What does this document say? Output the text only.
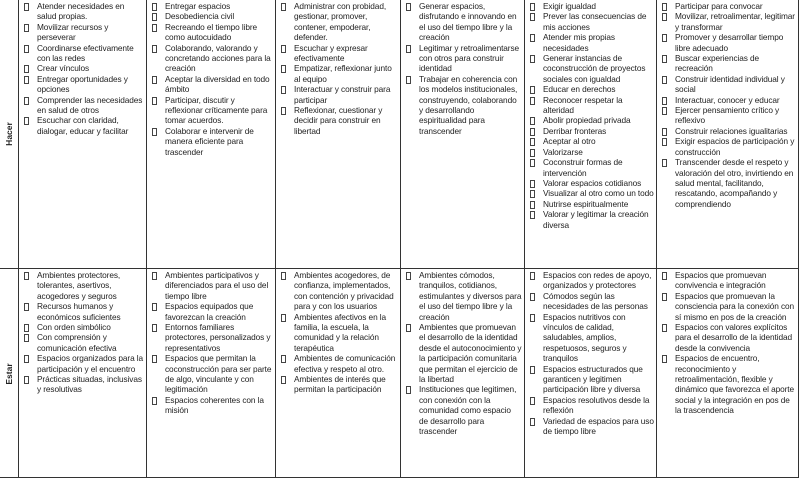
Hacer
Atender necesidades en salud propias.
Movilizar recursos y perseverar
Coordinarse efectivamente con las redes
Crear vínculos
Entregar oportunidades y opciones
Comprender las necesidades en salud de otros
Escuchar con claridad, dialogar, educar y facilitar
Entregar espacios
Desobediencia civil
Recreando el tiempo libre como autocuidado
Colaborando, valorando y concretando acciones para la creación
Aceptar la diversidad en todo ámbito
Participar, discutir y reflexionar críticamente para tomar acuerdos.
Colaborar e intervenir de manera eficiente para trascender
Administrar con probidad, gestionar, promover, contener, empoderar, defender.
Escuchar y expresar efectivamente
Empatizar, reflexionar junto al equipo
Interactuar y construir para participar
Reflexionar, cuestionar y decidir para construir en libertad
Generar espacios, disfrutando e innovando en el uso del tiempo libre y la creación
Legitimar y retroalimentarse con otros para construir identidad
Trabajar en coherencia con los modelos institucionales, construyendo, colaborando y desarrollando espiritualidad para transcender
Exigir igualdad
Prever las consecuencias de mis acciones
Atender mis propias necesidades
Generar instancias de coconstrucción de proyectos sociales con igualdad
Educar en derechos
Reconocer respetar la alteridad
Abolir propiedad privada
Derribar fronteras
Aceptar al otro
Valorizarse
Coconstruir formas de intervención
Valorar espacios cotidianos
Visualizar al otro como un todo
Nutrirse espiritualmente
Valorar y legitimar la creación diversa
Participar para convocar
Movilizar, retroalimentar, legitimar y transformar
Promover y desarrollar tiempo libre adecuado
Buscar experiencias de recreación
Construir identidad individual y social
Interactuar, conocer y educar
Ejercer pensamiento crítico y reflexivo
Construir relaciones igualitarias
Exigir espacios de participación y construcción
Transcender desde el respeto y valoración del otro, invirtiendo en salud mental, facilitando, rescatando, acompañando y comprendiendo
Estar
Ambientes protectores, tolerantes, asertivos, acogedores y seguros
Recursos humanos y económicos suficientes
Con orden simbólico
Con comprensión y comunicación efectiva
Espacios organizados para la participación y el encuentro
Prácticas situadas, inclusivas y resolutivas
Ambientes participativos y diferenciados para el uso del tiempo libre
Espacios equipados que favorezcan la creación
Entornos familiares protectores, personalizados y representativos
Espacios que permitan la coconstrucción para ser parte de algo, vinculante y con legitimación
Espacios coherentes con la misión
Ambientes acogedores, de confianza, implementados, con contención y privacidad para y con los usuarios
Ambientes afectivos en la familia, la escuela, la comunidad y la relación terapéutica
Ambientes de comunicación efectiva y respeto al otro.
Ambientes de interés que permitan la participación
Ambientes cómodos, tranquilos, cotidianos, estimulantes y diversos para el uso del tiempo libre y la creación
Ambientes que promuevan el desarrollo de la identidad desde el autoconocimiento y la participación comunitaria que permitan el ejercicio de la libertad
Instituciones que legitimen, con conexión con la comunidad como espacio de desarrollo para trascender
Espacios con redes de apoyo, organizados y protectores
Cómodos según las necesidades de las personas
Espacios nutritivos con vínculos de calidad, saludables, amplios, respetuosos, seguros y tranquilos
Espacios estructurados que garanticen y legitimen participación libre y diversa
Espacios resolutivos desde la reflexión
Variedad de espacios para uso de tiempo libre
Espacios que promuevan convivencia e integración
Espacios que promuevan la consciencia para la conexión con sí mismo en pos de la creación
Espacios con valores explícitos para el desarrollo de la identidad desde la convivencia
Espacios de encuentro, reconocimiento y retroalimentación, flexible y dinámico que favorezca el aporte social y la integración en pos de la trascendencia
